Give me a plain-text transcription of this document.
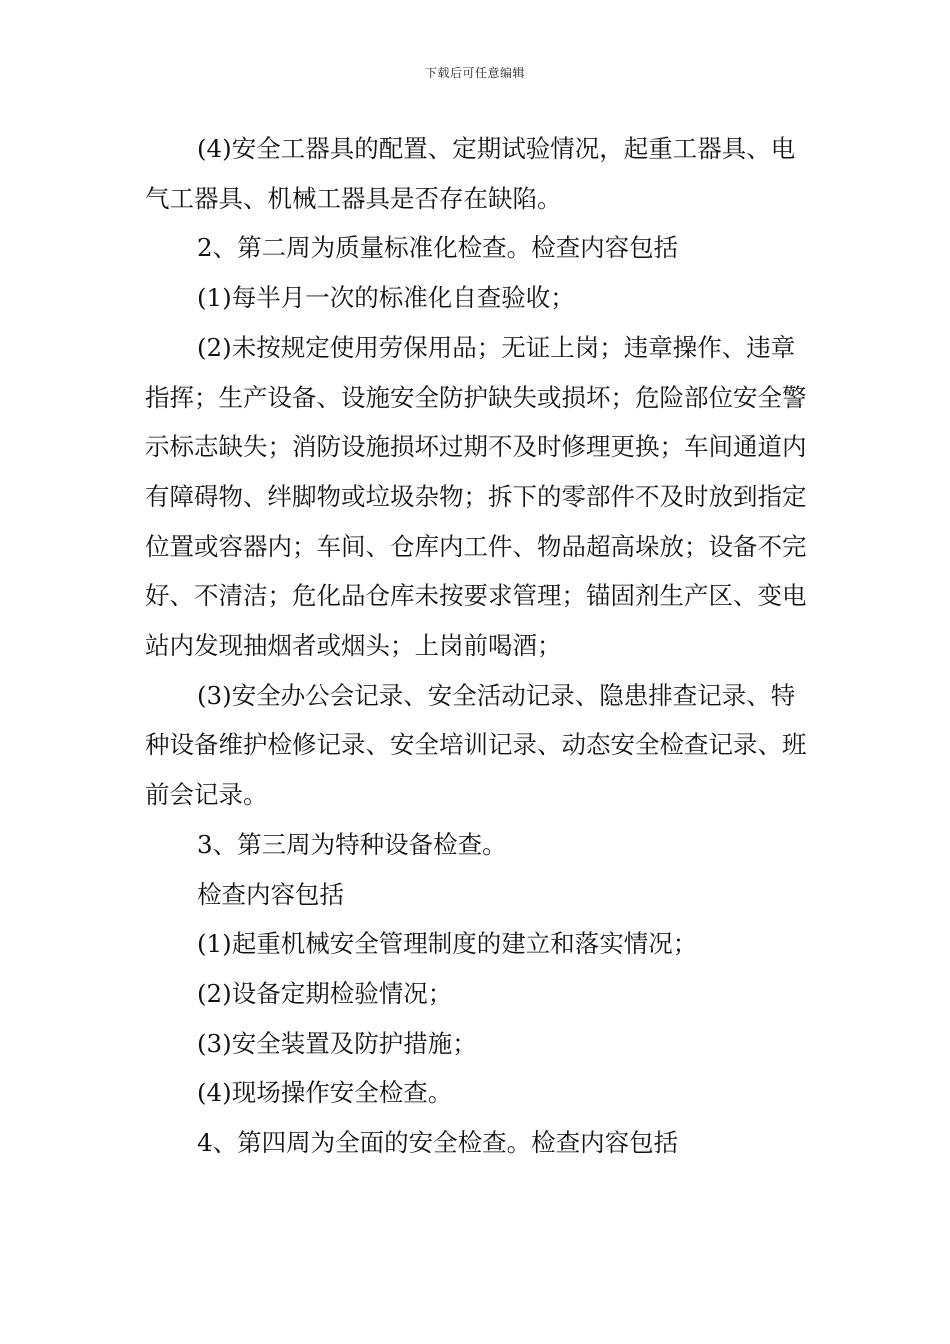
下载后可任意编辑

(4)安全工器具的配置、定期试验情况，起重工器具、电气工器具、机械工器具是否存在缺陷。

2、第二周为质量标准化检查。检查内容包括

(1)每半月一次的标准化自查验收；

(2)未按规定使用劳保用品；无证上岗；违章操作、违章指挥；生产设备、设施安全防护缺失或损坏；危险部位安全警示标志缺失；消防设施损坏过期不及时修理更换；车间通道内有障碍物、绊脚物或垃圾杂物；拆下的零部件不及时放到指定位置或容器内；车间、仓库内工件、物品超高垛放；设备不完好、不清洁；危化品仓库未按要求管理；锚固剂生产区、变电站内发现抽烟者或烟头；上岗前喝酒；

(3)安全办公会记录、安全活动记录、隐患排查记录、特种设备维护检修记录、安全培训记录、动态安全检查记录、班前会记录。

3、第三周为特种设备检查。

检查内容包括

(1)起重机械安全管理制度的建立和落实情况；

(2)设备定期检验情况；

(3)安全装置及防护措施；

(4)现场操作安全检查。

4、第四周为全面的安全检查。检查内容包括
